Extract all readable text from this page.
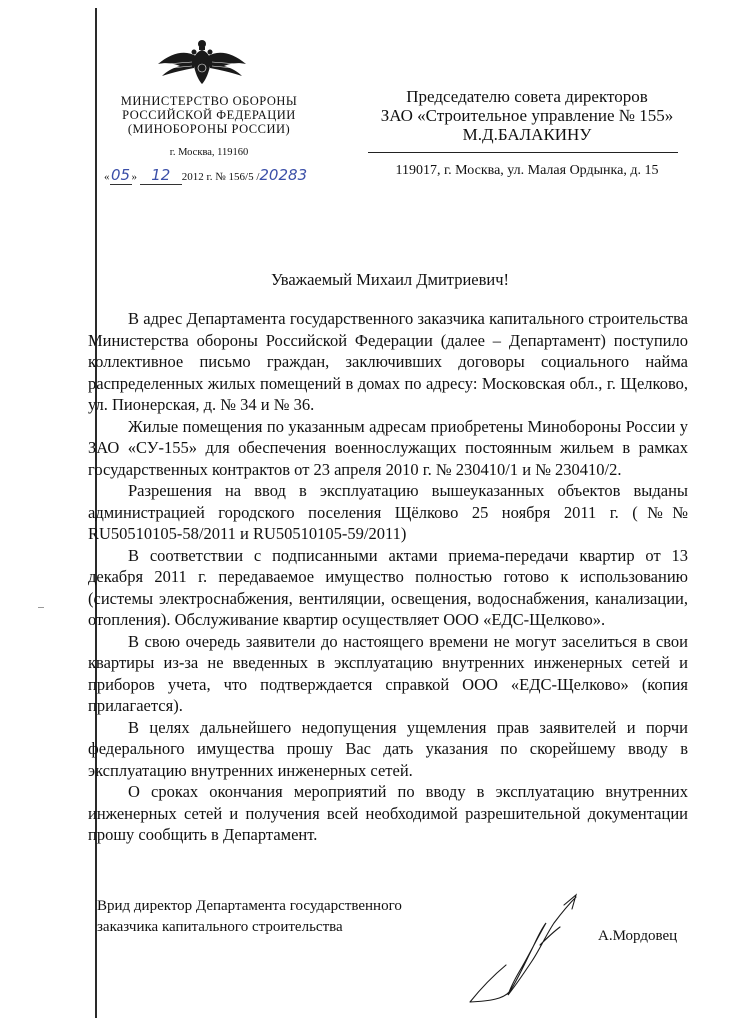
МИНИСТЕРСТВО ОБОРОНЫ
РОССИЙСКОЙ ФЕДЕРАЦИИ
(МИНОБОРОНЫ РОССИИ)
г. Москва, 119160
«05» 12 2012 г. № 156/5 /20283
Председателю совета директоров
ЗАО «Строительное управление № 155»
М.Д.БАЛАКИНУ
119017, г. Москва, ул. Малая Ордынка, д. 15
Уважаемый Михаил Дмитриевич!

В адрес Департамента государственного заказчика капитального строительства Министерства обороны Российской Федерации (далее – Департамент) поступило коллективное письмо граждан, заключивших договоры социального найма распределенных жилых помещений в домах по адресу: Московская обл., г. Щелково, ул. Пионерская, д. № 34 и № 36.

Жилые помещения по указанным адресам приобретены Минобороны России у ЗАО «СУ-155» для обеспечения военнослужащих постоянным жильем в рамках государственных контрактов от 23 апреля 2010 г. № 230410/1 и № 230410/2.

Разрешения на ввод в эксплуатацию вышеуказанных объектов выданы администрацией городского поселения Щёлково 25 ноября 2011 г. (№№ RU50510105-58/2011 и RU50510105-59/2011)

В соответствии с подписанными актами приема-передачи квартир от 13 декабря 2011 г. передаваемое имущество полностью готово к использованию (системы электроснабжения, вентиляции, освещения, водоснабжения, канализации, отопления). Обслуживание квартир осуществляет ООО «ЕДС-Щелково».

В свою очередь заявители до настоящего времени не могут заселиться в свои квартиры из-за не введенных в эксплуатацию внутренних инженерных сетей и приборов учета, что подтверждается справкой ООО «ЕДС-Щелково» (копия прилагается).

В целях дальнейшего недопущения ущемления прав заявителей и порчи федерального имущества прошу Вас дать указания по скорейшему вводу в эксплуатацию внутренних инженерных сетей.

О сроках окончания мероприятий по вводу в эксплуатацию внутренних инженерных сетей и получения всей необходимой разрешительной документации прошу сообщить в Департамент.

Врид директор Департамента государственного
заказчика капитального строительства
А.Мордовец
